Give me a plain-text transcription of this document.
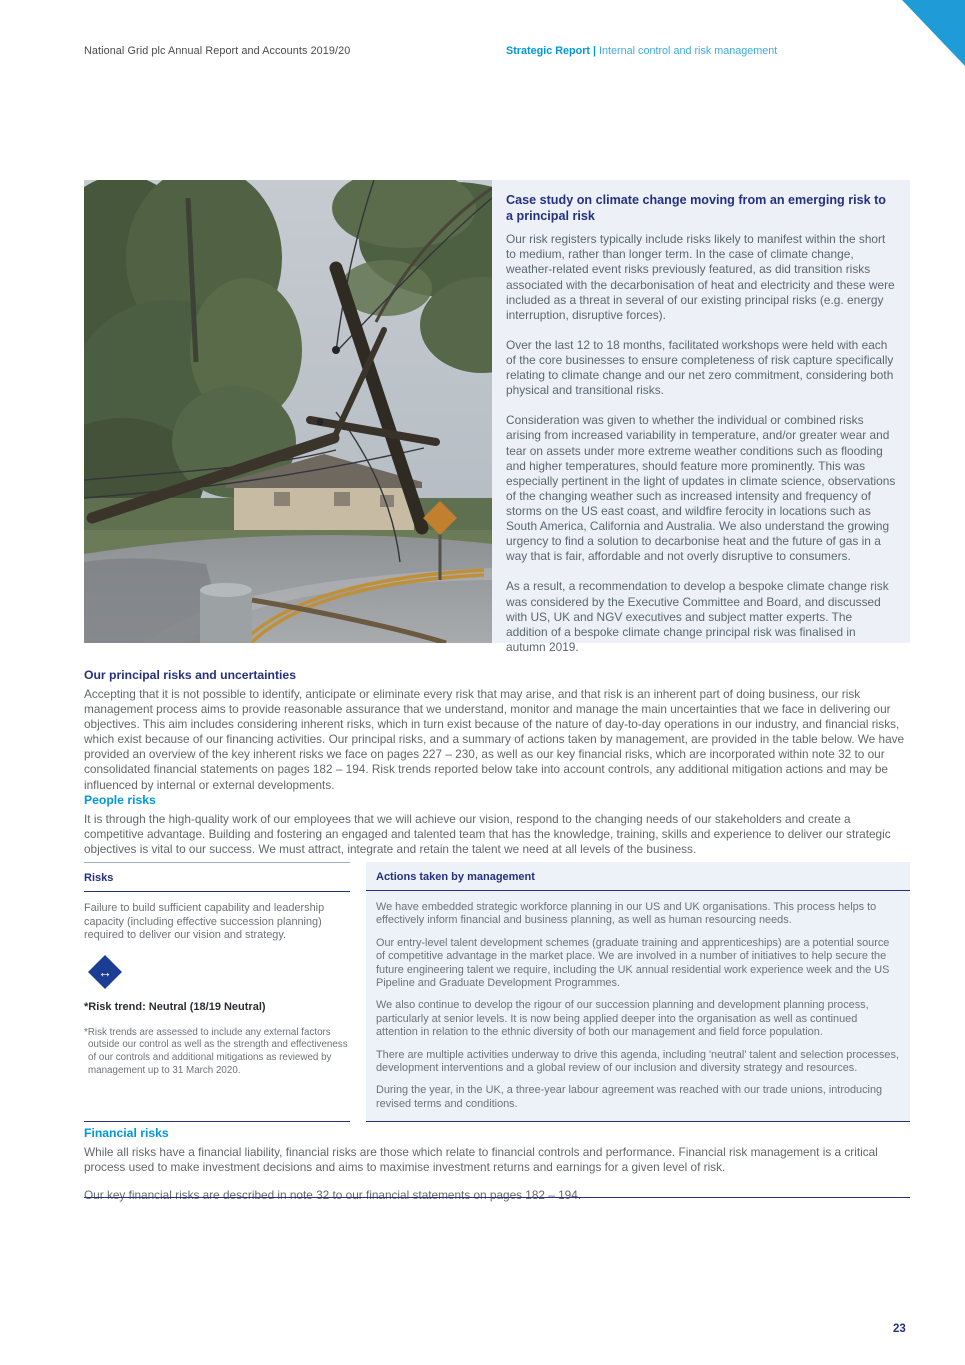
National Grid plc Annual Report and Accounts 2019/20	Strategic Report | Internal control and risk management
Case study on climate change moving from an emerging risk to a principal risk

Our risk registers typically include risks likely to manifest within the short to medium, rather than longer term. In the case of climate change, weather-related event risks previously featured, as did transition risks associated with the decarbonisation of heat and electricity and these were included as a threat in several of our existing principal risks (e.g. energy interruption, disruptive forces).

Over the last 12 to 18 months, facilitated workshops were held with each of the core businesses to ensure completeness of risk capture specifically relating to climate change and our net zero commitment, considering both physical and transitional risks.

Consideration was given to whether the individual or combined risks arising from increased variability in temperature, and/or greater wear and tear on assets under more extreme weather conditions such as flooding and higher temperatures, should feature more prominently. This was especially pertinent in the light of updates in climate science, observations of the changing weather such as increased intensity and frequency of storms on the US east coast, and wildfire ferocity in locations such as South America, California and Australia. We also understand the growing urgency to find a solution to decarbonise heat and the future of gas in a way that is fair, affordable and not overly disruptive to consumers.

As a result, a recommendation to develop a bespoke climate change risk was considered by the Executive Committee and Board, and discussed with US, UK and NGV executives and subject matter experts. The addition of a bespoke climate change principal risk was finalised in autumn 2019.

Our principal risks and uncertainties
Accepting that it is not possible to identify, anticipate or eliminate every risk that may arise, and that risk is an inherent part of doing business, our risk management process aims to provide reasonable assurance that we understand, monitor and manage the main uncertainties that we face in delivering our objectives. This aim includes considering inherent risks, which in turn exist because of the nature of day-to-day operations in our industry, and financial risks, which exist because of our financing activities. Our principal risks, and a summary of actions taken by management, are provided in the table below. We have provided an overview of the key inherent risks we face on pages 227 – 230, as well as our key financial risks, which are incorporated within note 32 to our consolidated financial statements on pages 182 – 194. Risk trends reported below take into account controls, any additional mitigation actions and may be influenced by internal or external developments.
People risks
It is through the high-quality work of our employees that we will achieve our vision, respond to the changing needs of our stakeholders and create a competitive advantage. Building and fostering an engaged and talented team that has the knowledge, training, skills and experience to deliver our strategic objectives is vital to our success. We must attract, integrate and retain the talent we need at all levels of the business.
Risks
Failure to build sufficient capability and leadership capacity (including effective succession planning) required to deliver our vision and strategy.
↔
*Risk trend: Neutral (18/19 Neutral)
*Risk trends are assessed to include any external factors outside our control as well as the strength and effectiveness of our controls and additional mitigations as reviewed by management up to 31 March 2020.
Actions taken by management

We have embedded strategic workforce planning in our US and UK organisations. This process helps to effectively inform financial and business planning, as well as human resourcing needs.

Our entry-level talent development schemes (graduate training and apprenticeships) are a potential source of competitive advantage in the market place. We are involved in a number of initiatives to help secure the future engineering talent we require, including the UK annual residential work experience week and the US Pipeline and Graduate Development Programmes.

We also continue to develop the rigour of our succession planning and development planning process, particularly at senior levels. It is now being applied deeper into the organisation as well as continued attention in relation to the ethnic diversity of both our management and field force population.

There are multiple activities underway to drive this agenda, including 'neutral' talent and selection processes, development interventions and a global review of our inclusion and diversity strategy and resources.

During the year, in the UK, a three-year labour agreement was reached with our trade unions, introducing revised terms and conditions.

Financial risks
While all risks have a financial liability, financial risks are those which relate to financial controls and performance. Financial risk management is a critical process used to make investment decisions and aims to maximise investment returns and earnings for a given level of risk.
Our key financial risks are described in note 32 to our financial statements on pages 182 – 194.
23
